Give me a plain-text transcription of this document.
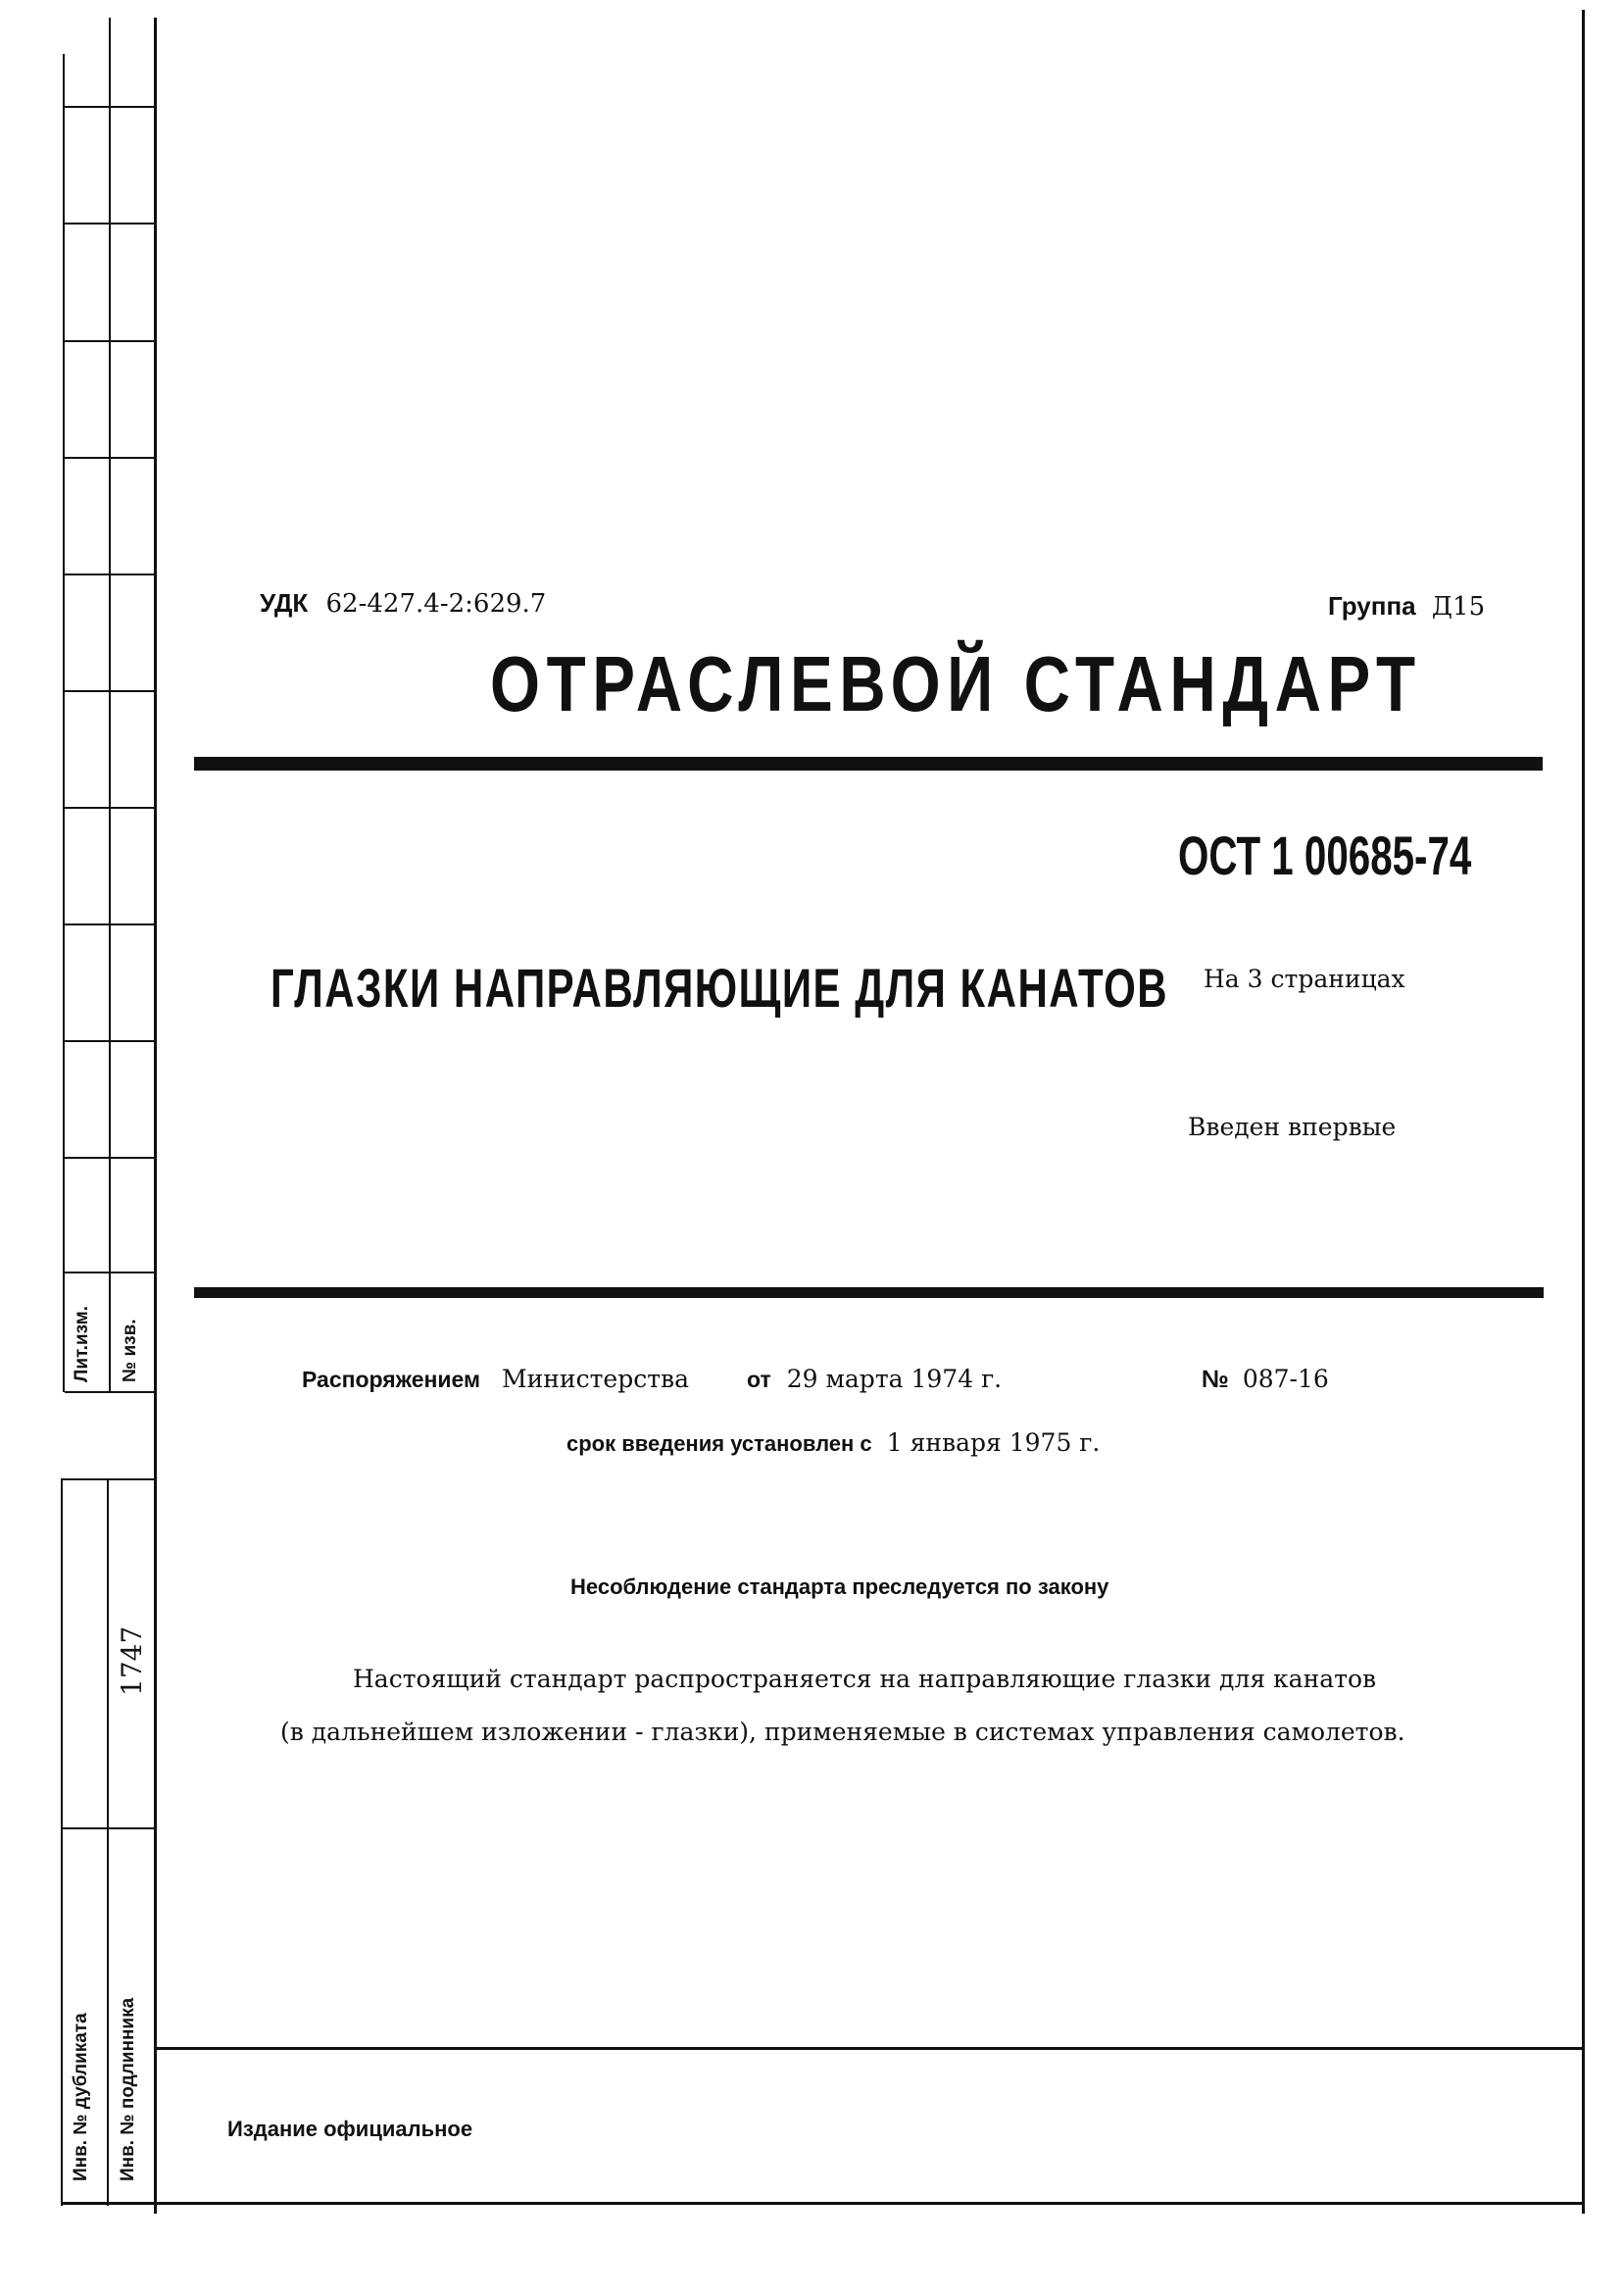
Лит.изм. № изв.
1747
Инв. № дубликата Инв. № подлинника
УДК 62-427.4-2:629.7	Группа Д15
ОТРАСЛЕВОЙ СТАНДАРТ
ОСТ 1 00685-74
ГЛАЗКИ НАПРАВЛЯЮЩИЕ ДЛЯ КАНАТОВ На 3 страницах
Введен впервые
Распоряжением Министерства	от 29 марта 1974 г.	№ 087-16
срок введения установлен с 1 января 1975 г.
Несоблюдение стандарта преследуется по закону
Настоящий стандарт распространяется на направляющие глазки для канатов
(в дальнейшем изложении - глазки), применяемые в системах управления самолетов.
Издание официальное
